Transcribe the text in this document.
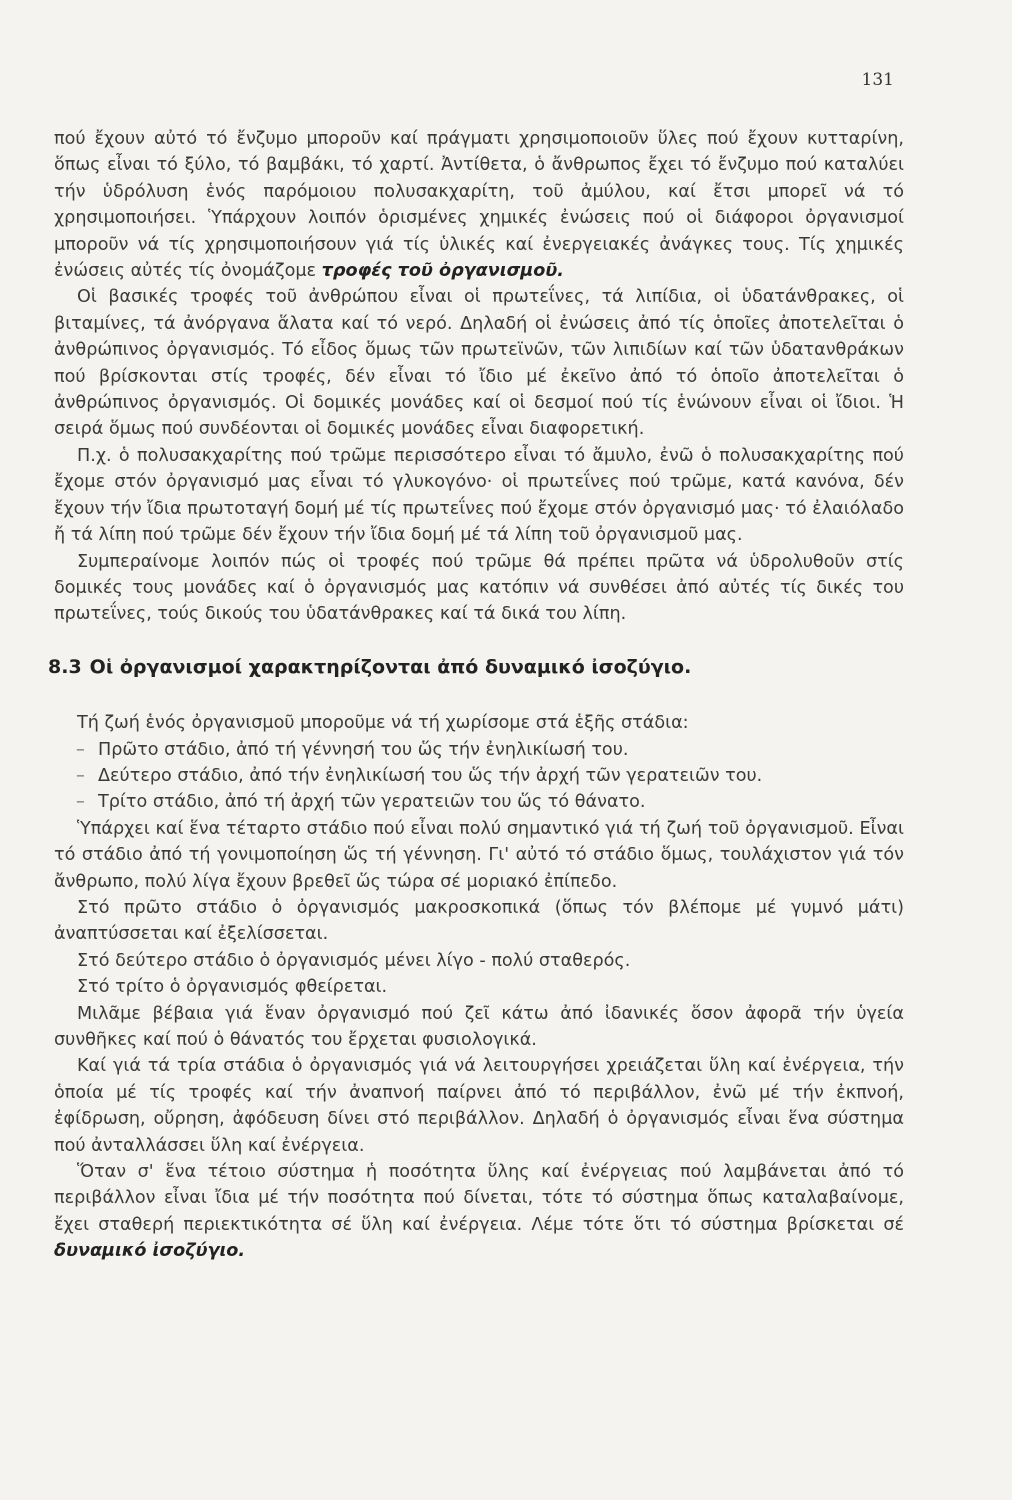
131

πού ἔχουν αὐτό τό ἔνζυμο μποροῦν καί πράγματι χρησιμοποιοῦν ὕλες πού ἔχουν κυτταρίνη, ὅπως εἶναι τό ξύλο, τό βαμβάκι, τό χαρτί. Ἀντίθετα, ὁ ἄνθρωπος ἔχει τό ἔνζυμο πού καταλύει τήν ὑδρόλυση ἑνός παρόμοιου πολυσακχαρίτη, τοῦ ἀμύλου, καί ἔτσι μπορεῖ νά τό χρησιμοποιήσει. Ὑπάρχουν λοιπόν ὁρισμένες χημικές ἐνώσεις πού οἱ διάφοροι ὀργανισμοί μποροῦν νά τίς χρησιμοποιήσουν γιά τίς ὑλικές καί ἐνεργειακές ἀνάγκες τους. Τίς χημικές ἐνώσεις αὐτές τίς ὀνομάζομε τροφές τοῦ ὀργανισμοῦ.

Οἱ βασικές τροφές τοῦ ἀνθρώπου εἶναι οἱ πρωτεΐνες, τά λιπίδια, οἱ ὑδατάνθρακες, οἱ βιταμίνες, τά ἀνόργανα ἅλατα καί τό νερό. Δηλαδή οἱ ἐνώσεις ἀπό τίς ὁποῖες ἀποτελεῖται ὁ ἀνθρώπινος ὀργανισμός. Τό εἶδος ὅμως τῶν πρωτεϊνῶν, τῶν λιπιδίων καί τῶν ὑδατανθράκων πού βρίσκονται στίς τροφές, δέν εἶναι τό ἴδιο μέ ἐκεῖνο ἀπό τό ὁποῖο ἀποτελεῖται ὁ ἀνθρώπινος ὀργανισμός. Οἱ δομικές μονάδες καί οἱ δεσμοί πού τίς ἑνώνουν εἶναι οἱ ἴδιοι. Ἡ σειρά ὅμως πού συνδέονται οἱ δομικές μονάδες εἶναι διαφορετική.

Π.χ. ὁ πολυσακχαρίτης πού τρῶμε περισσότερο εἶναι τό ἄμυλο, ἐνῶ ὁ πολυσακχαρίτης πού ἔχομε στόν ὀργανισμό μας εἶναι τό γλυκογόνο· οἱ πρωτεΐνες πού τρῶμε, κατά κανόνα, δέν ἔχουν τήν ἴδια πρωτοταγή δομή μέ τίς πρωτεΐνες πού ἔχομε στόν ὀργανισμό μας· τό ἐλαιόλαδο ἤ τά λίπη πού τρῶμε δέν ἔχουν τήν ἴδια δομή μέ τά λίπη τοῦ ὀργανισμοῦ μας.

Συμπεραίνομε λοιπόν πώς οἱ τροφές πού τρῶμε θά πρέπει πρῶτα νά ὑδρολυθοῦν στίς δομικές τους μονάδες καί ὁ ὀργανισμός μας κατόπιν νά συνθέσει ἀπό αὐτές τίς δικές του πρωτεΐνες, τούς δικούς του ὑδατάνθρακες καί τά δικά του λίπη.

8.3 Οἱ ὀργανισμοί χαρακτηρίζονται ἀπό δυναμικό ἰσοζύγιο.

Τή ζωή ἑνός ὀργανισμοῦ μποροῦμε νά τή χωρίσομε στά ἑξῆς στάδια:

– Πρῶτο στάδιο, ἀπό τή γέννησή του ὥς τήν ἐνηλικίωσή του.
– Δεύτερο στάδιο, ἀπό τήν ἐνηλικίωσή του ὥς τήν ἀρχή τῶν γερατειῶν του.
– Τρίτο στάδιο, ἀπό τή ἀρχή τῶν γερατειῶν του ὥς τό θάνατο.

Ὑπάρχει καί ἕνα τέταρτο στάδιο πού εἶναι πολύ σημαντικό γιά τή ζωή τοῦ ὀργανισμοῦ. Εἶναι τό στάδιο ἀπό τή γονιμοποίηση ὥς τή γέννηση. Γι' αὐτό τό στάδιο ὅμως, τουλάχιστον γιά τόν ἄνθρωπο, πολύ λίγα ἔχουν βρεθεῖ ὥς τώρα σέ μοριακό ἐπίπεδο.

Στό πρῶτο στάδιο ὁ ὀργανισμός μακροσκοπικά (ὅπως τόν βλέπομε μέ γυμνό μάτι) ἀναπτύσσεται καί ἐξελίσσεται.

Στό δεύτερο στάδιο ὁ ὀργανισμός μένει λίγο - πολύ σταθερός.

Στό τρίτο ὁ ὀργανισμός φθείρεται.

Μιλᾶμε βέβαια γιά ἕναν ὀργανισμό πού ζεῖ κάτω ἀπό ἰδανικές ὅσον ἀφορᾶ τήν ὑγεία συνθῆκες καί πού ὁ θάνατός του ἔρχεται φυσιολογικά.

Καί γιά τά τρία στάδια ὁ ὀργανισμός γιά νά λειτουργήσει χρειάζεται ὕλη καί ἐνέργεια, τήν ὁποία μέ τίς τροφές καί τήν ἀναπνοή παίρνει ἀπό τό περιβάλλον, ἐνῶ μέ τήν ἐκπνοή, ἐφίδρωση, οὔρηση, ἀφόδευση δίνει στό περιβάλλον. Δηλαδή ὁ ὀργανισμός εἶναι ἕνα σύστημα πού ἀνταλλάσσει ὕλη καί ἐνέργεια.

Ὅταν σ' ἕνα τέτοιο σύστημα ἡ ποσότητα ὕλης καί ἐνέργειας πού λαμβάνεται ἀπό τό περιβάλλον εἶναι ἴδια μέ τήν ποσότητα πού δίνεται, τότε τό σύστημα ὅπως καταλαβαίνομε, ἔχει σταθερή περιεκτικότητα σέ ὕλη καί ἐνέργεια. Λέμε τότε ὅτι τό σύστημα βρίσκεται σέ δυναμικό ἰσοζύγιο.
